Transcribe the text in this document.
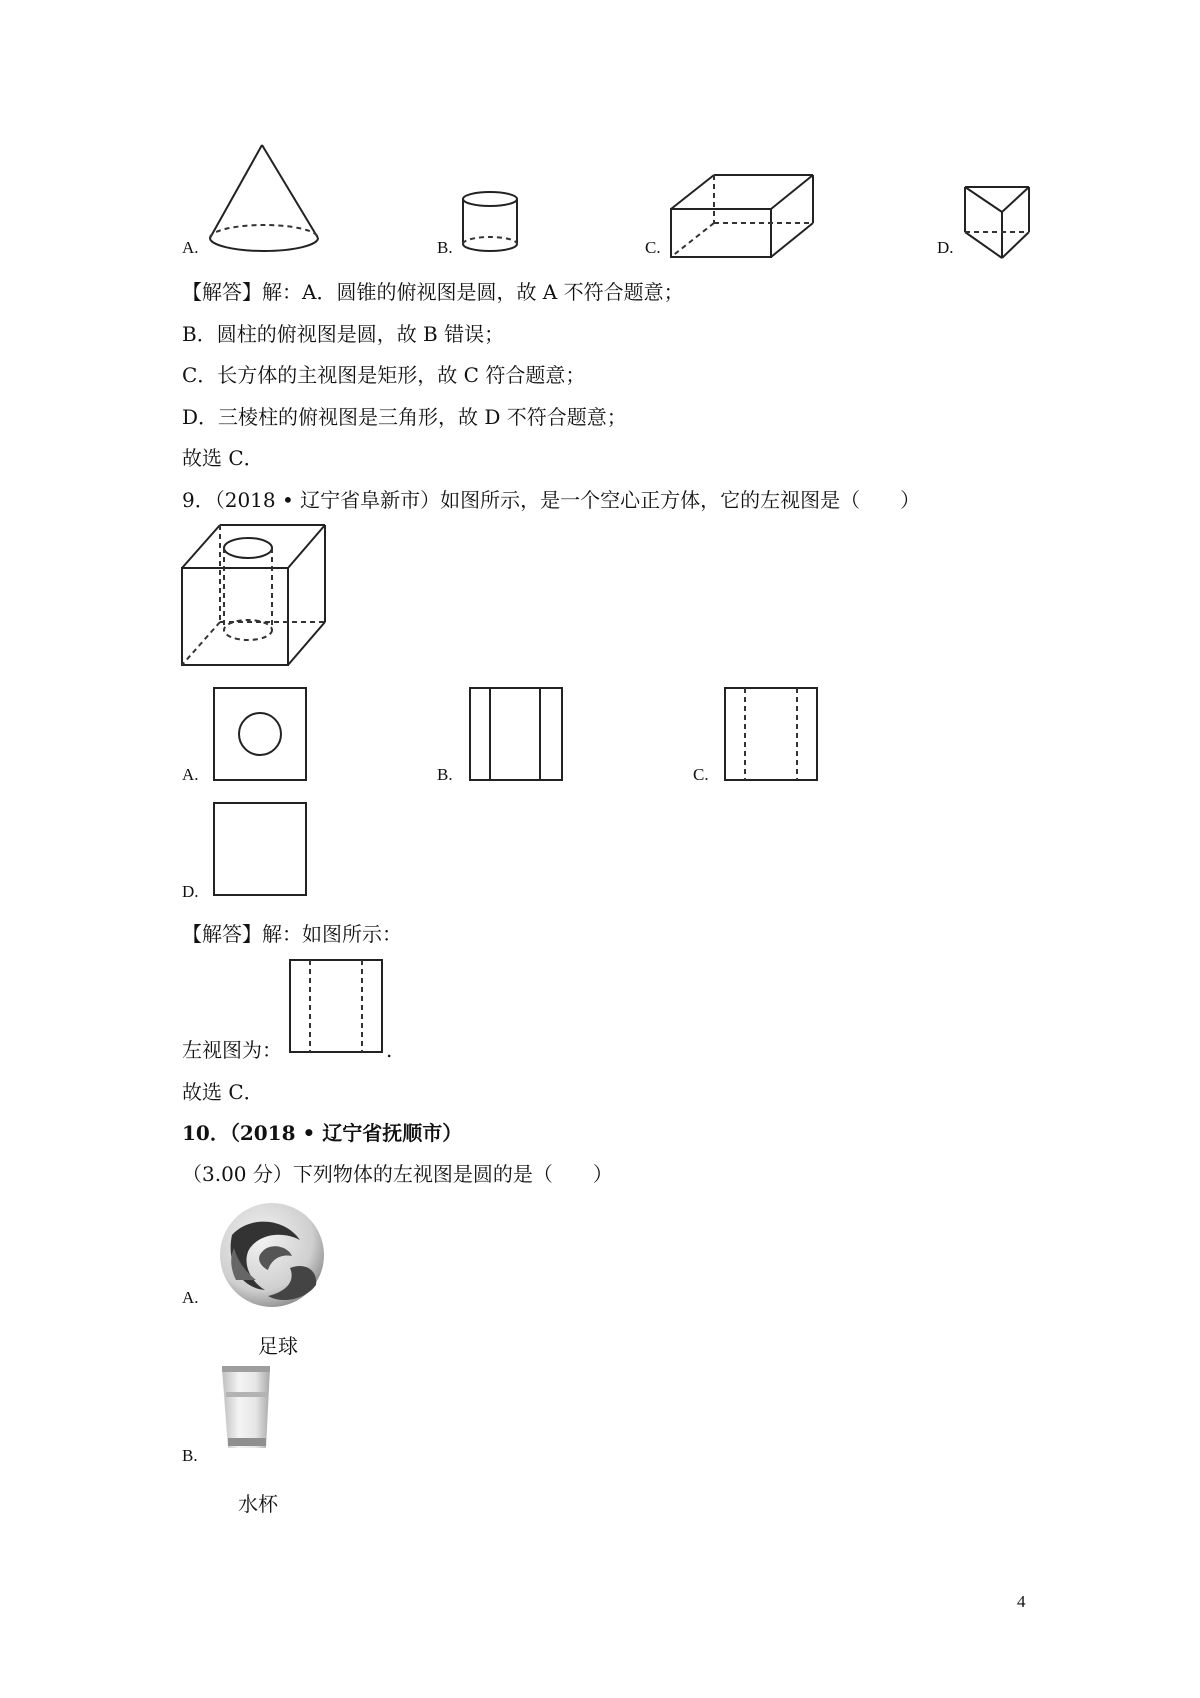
A.	B.	C.	D.
【解答】解：A．圆锥的俯视图是圆，故 A 不符合题意；
B．圆柱的俯视图是圆，故 B 错误；
C．长方体的主视图是矩形，故 C 符合题意；
D．三棱柱的俯视图是三角形，故 D 不符合题意；
故选 C．
9．（2018 • 辽宁省阜新市）如图所示，是一个空心正方体，它的左视图是（　　）
A.	B.	C.
D.
【解答】解：如图所示：
左视图为：	.
故选 C．
10．（2018 • 辽宁省抚顺市）
（3.00 分）下列物体的左视图是圆的是（　　）
A.
足球
B.
水杯
4
